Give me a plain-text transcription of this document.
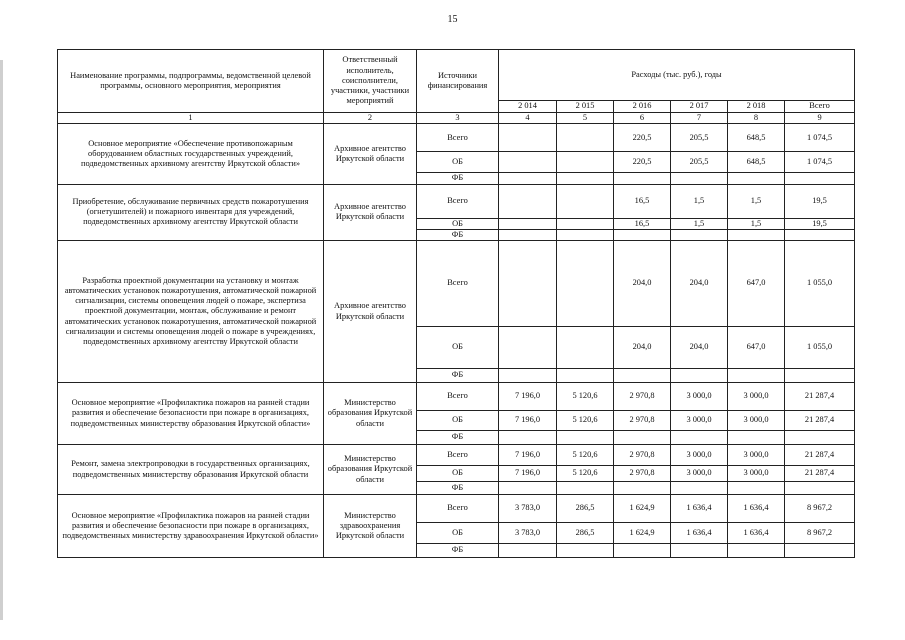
15
Наименование программы, подпрограммы, ведомственной целевой программы, основного мероприятия, мероприятия	Ответственный исполнитель, соисполнители, участники, участники мероприятий	Источники финансирования	Расходы (тыс. руб.), годы					
			2 014	2 015	2 016	2 017	2 018	Всего
1	2	3	4	5	6	7	8	9
Основное мероприятие «Обеспечение противопожарным оборудованием областных государственных учреждений, подведомственных архивному агентству Иркутской области»	Архивное агентство Иркутской области	Всего			220,5	205,5	648,5	1 074,5
		ОБ			220,5	205,5	648,5	1 074,5
		ФБ						
Приобретение, обслуживание первичных средств пожаротушения (огнетушителей) и пожарного инвентаря для учреждений, подведомственных архивному агентству Иркутской области	Архивное агентство Иркутской области	Всего			16,5	1,5	1,5	19,5
		ОБ			16,5	1,5	1,5	19,5
		ФБ						
Разработка проектной документации на установку и монтаж автоматических установок пожаротушения, автоматической пожарной сигнализации, системы оповещения людей о пожаре, экспертиза проектной документации, монтаж, обслуживание и ремонт автоматических установок пожаротушения, автоматической пожарной сигнализации и системы оповещения людей о пожаре в учреждениях, подведомственных архивному агентству Иркутской области	Архивное агентство Иркутской области	Всего			204,0	204,0	647,0	1 055,0
		ОБ			204,0	204,0	647,0	1 055,0
		ФБ						
Основное мероприятие «Профилактика пожаров на ранней стадии развития и обеспечение безопасности при пожаре в организациях, подведомственных министерству образования Иркутской области»	Министерство образования Иркутской области	Всего	7 196,0	5 120,6	2 970,8	3 000,0	3 000,0	21 287,4
		ОБ	7 196,0	5 120,6	2 970,8	3 000,0	3 000,0	21 287,4
		ФБ						
Ремонт, замена электропроводки в государственных организациях, подведомственных министерству образования Иркутской области	Министерство образования Иркутской области	Всего	7 196,0	5 120,6	2 970,8	3 000,0	3 000,0	21 287,4
		ОБ	7 196,0	5 120,6	2 970,8	3 000,0	3 000,0	21 287,4
		ФБ						
Основное мероприятие «Профилактика пожаров на ранней стадии развития и обеспечение безопасности при пожаре в организациях, подведомственных министерству здравоохранения Иркутской области»	Министерство здравоохранения Иркутской области	Всего	3 783,0	286,5	1 624,9	1 636,4	1 636,4	8 967,2
		ОБ	3 783,0	286,5	1 624,9	1 636,4	1 636,4	8 967,2
		ФБ						
